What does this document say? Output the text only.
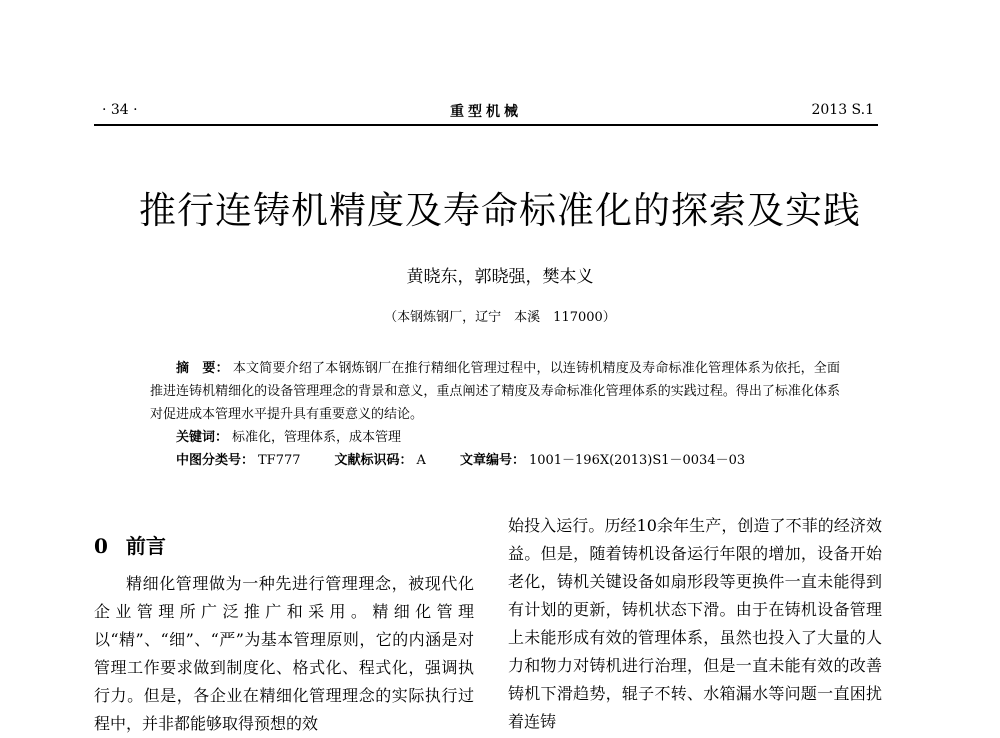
· 34 ·	重型机械	2013 S.1
推行连铸机精度及寿命标准化的探索及实践
黄晓东，郭晓强，樊本义
（本钢炼钢厂，辽宁　本溪　117000）

摘　要： 本文简要介绍了本钢炼钢厂在推行精细化管理过程中，以连铸机精度及寿命标准化管理体系为依托，全面推进连铸机精细化的设备管理理念的背景和意义，重点阐述了精度及寿命标准化管理体系的实践过程。得出了标准化体系对促进成本管理水平提升具有重要意义的结论。

关键词： 标准化，管理体系，成本管理

中图分类号： TF777	文献标识码： A	文章编号： 1001－196X(2013)S1－0034－03

0 前言

精细化管理做为一种先进行管理理念，被现代化企业管理所广泛推广和采用。精细化管理以“精”、“细”、“严”为基本管理原则，它的内涵是对管理工作要求做到制度化、格式化、程式化，强调执行力。但是，各企业在精细化管理理念的实际执行过程中，并非都能够取得预想的效

始投入运行。历经10余年生产，创造了不菲的经济效益。但是，随着铸机设备运行年限的增加，设备开始老化，铸机关键设备如扇形段等更换件一直未能得到有计划的更新，铸机状态下滑。由于在铸机设备管理上未能形成有效的管理体系，虽然也投入了大量的人力和物力对铸机进行治理，但是一直未能有效的改善铸机下滑趋势，辊子不转、水箱漏水等问题一直困扰着连铸
